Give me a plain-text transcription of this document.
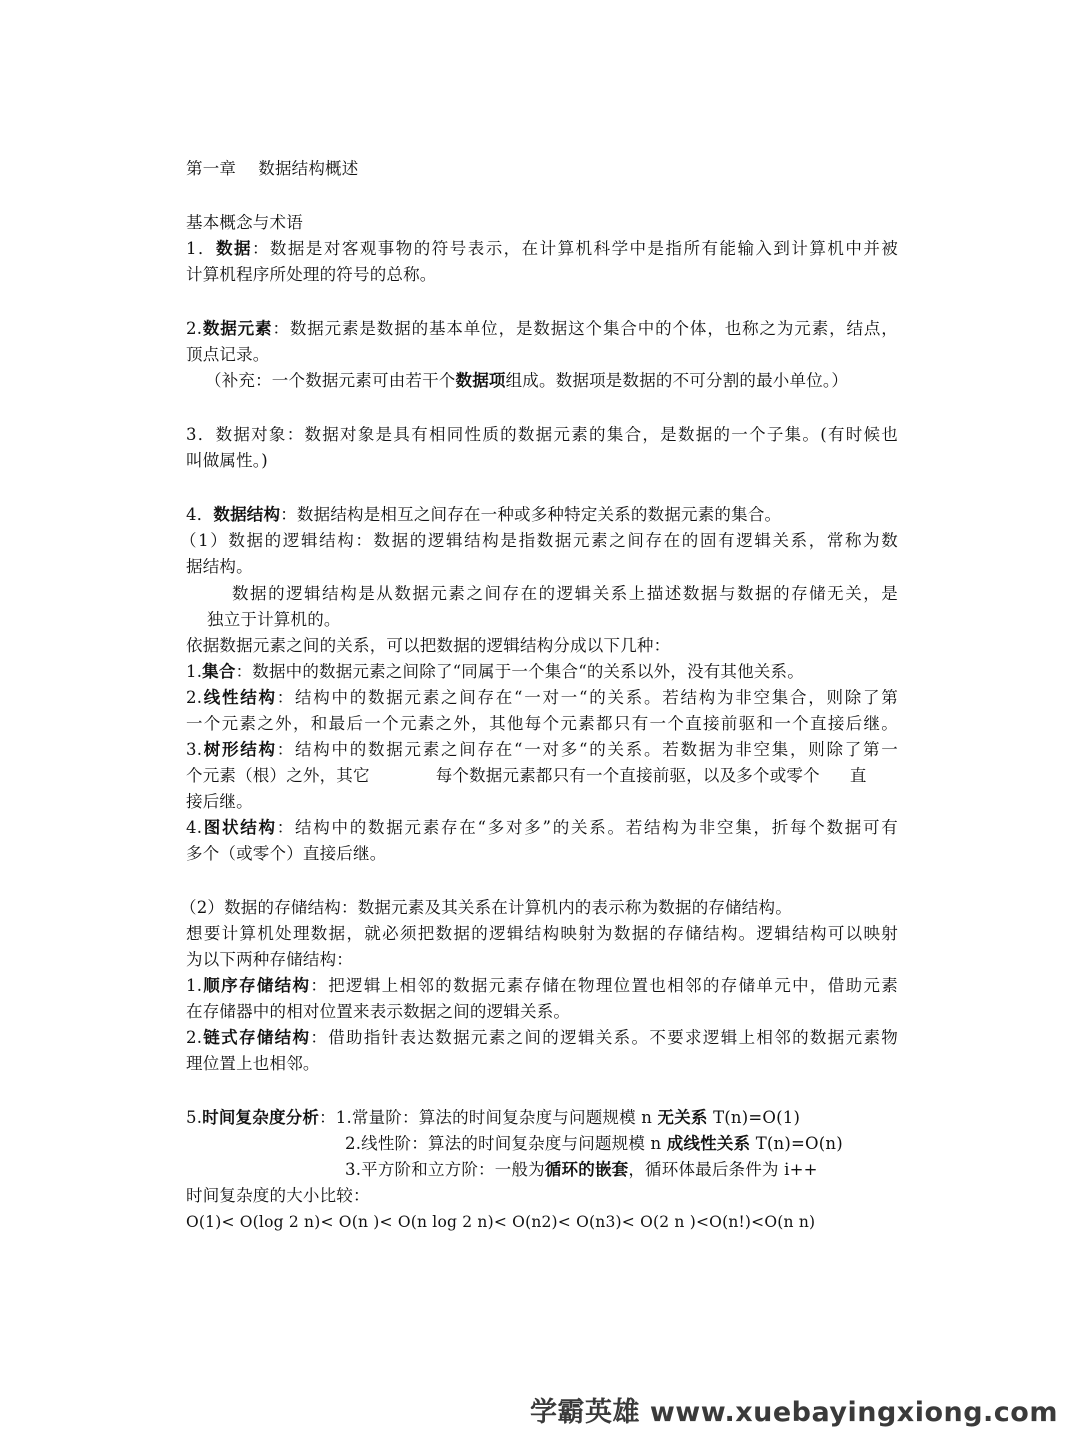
第一章　 数据结构概述
基本概念与术语
1．数据：数据是对客观事物的符号表示，在计算机科学中是指所有能输入到计算机中并被
计算机程序所处理的符号的总称。
2.数据元素：数据元素是数据的基本单位，是数据这个集合中的个体，也称之为元素，结点，
顶点记录。
（补充：一个数据元素可由若干个数据项组成。数据项是数据的不可分割的最小单位。）
3．数据对象：数据对象是具有相同性质的数据元素的集合，是数据的一个子集。(有时候也
叫做属性。)
4．数据结构：数据结构是相互之间存在一种或多种特定关系的数据元素的集合。
（1）数据的逻辑结构：数据的逻辑结构是指数据元素之间存在的固有逻辑关系，常称为数
据结构。
数据的逻辑结构是从数据元素之间存在的逻辑关系上描述数据与数据的存储无关，是
独立于计算机的。
依据数据元素之间的关系，可以把数据的逻辑结构分成以下几种：
1.集合：数据中的数据元素之间除了“同属于一个集合“的关系以外，没有其他关系。
2.线性结构：结构中的数据元素之间存在“一对一“的关系。若结构为非空集合，则除了第
一个元素之外，和最后一个元素之外，其他每个元素都只有一个直接前驱和一个直接后继。
3.树形结构：结构中的数据元素之间存在“一对多“的关系。若数据为非空集，则除了第一
个元素（根）之外，其它	每个数据元素都只有一个直接前驱，以及多个或零个 直
接后继。
4.图状结构：结构中的数据元素存在“多对多”的关系。若结构为非空集，折每个数据可有
多个（或零个）直接后继。
（2）数据的存储结构：数据元素及其关系在计算机内的表示称为数据的存储结构。
想要计算机处理数据，就必须把数据的逻辑结构映射为数据的存储结构。逻辑结构可以映射
为以下两种存储结构：
1.顺序存储结构：把逻辑上相邻的数据元素存储在物理位置也相邻的存储单元中，借助元素
在存储器中的相对位置来表示数据之间的逻辑关系。
2.链式存储结构：借助指针表达数据元素之间的逻辑关系。不要求逻辑上相邻的数据元素物
理位置上也相邻。
5.时间复杂度分析：1.常量阶：算法的时间复杂度与问题规模 n 无关系 T(n)=O(1)
2.线性阶：算法的时间复杂度与问题规模 n 成线性关系 T(n)=O(n)
3.平方阶和立方阶：一般为循环的嵌套，循环体最后条件为 i++
时间复杂度的大小比较：
O(1)< O(log 2 n)< O(n )< O(n log 2 n)< O(n2)< O(n3)< O(2 n )<O(n!)<O(n n)
学霸英雄 www.xuebayingxiong.com
